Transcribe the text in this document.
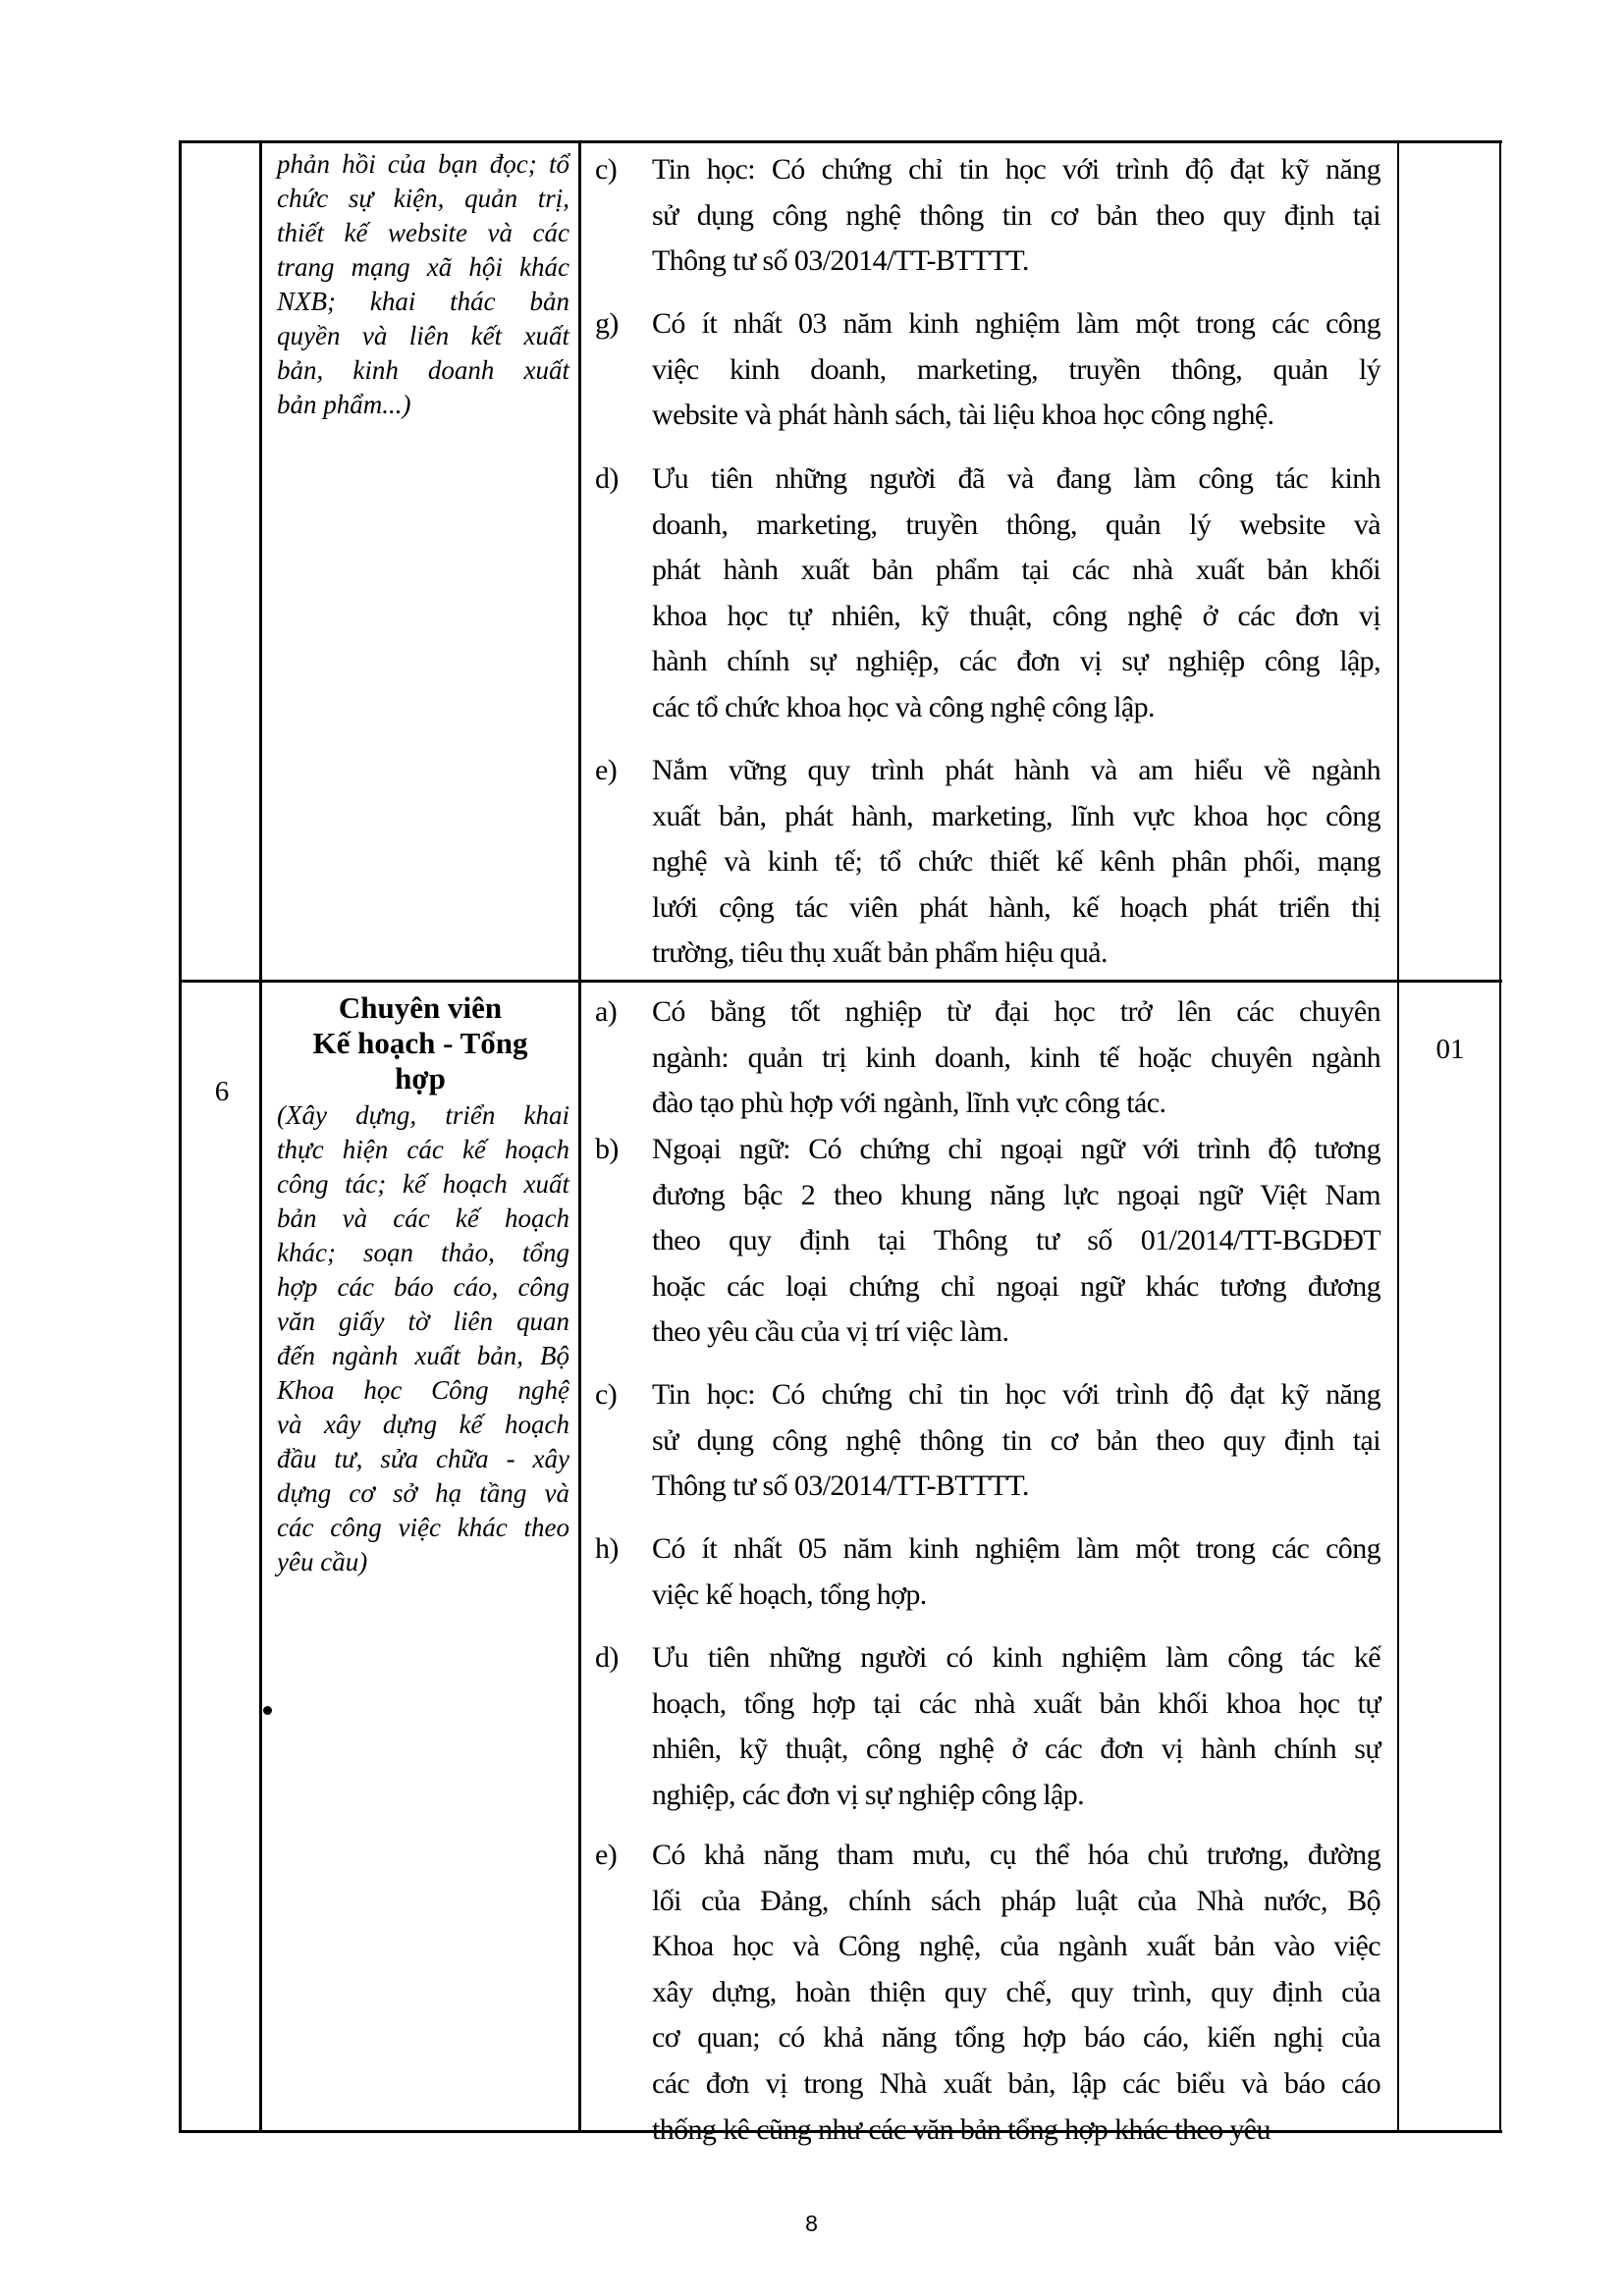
phản hồi của bạn đọc; tổ
chức sự kiện, quản trị,
thiết kế website và các
trang mạng xã hội khác
NXB; khai thác bản
quyền và liên kết xuất
bản, kinh doanh xuất
bản phẩm...)
c) Tin học: Có chứng chỉ tin học với trình độ đạt kỹ năng
sử dụng công nghệ thông tin cơ bản theo quy định tại
Thông tư số 03/2014/TT-BTTTT.
g) Có ít nhất 03 năm kinh nghiệm làm một trong các công
việc kinh doanh, marketing, truyền thông, quản lý
website và phát hành sách, tài liệu khoa học công nghệ.
d) Ưu tiên những người đã và đang làm công tác kinh
doanh, marketing, truyền thông, quản lý website và
phát hành xuất bản phẩm tại các nhà xuất bản khối
khoa học tự nhiên, kỹ thuật, công nghệ ở các đơn vị
hành chính sự nghiệp, các đơn vị sự nghiệp công lập,
các tổ chức khoa học và công nghệ công lập.
e) Nắm vững quy trình phát hành và am hiểu về ngành
xuất bản, phát hành, marketing, lĩnh vực khoa học công
nghệ và kinh tế; tổ chức thiết kế kênh phân phối, mạng
lưới cộng tác viên phát hành, kế hoạch phát triển thị
trường, tiêu thụ xuất bản phẩm hiệu quả.
6
Chuyên viên
Kế hoạch - Tổng
hợp
(Xây dựng, triển khai
thực hiện các kế hoạch
công tác; kế hoạch xuất
bản và các kế hoạch
khác; soạn thảo, tổng
hợp các báo cáo, công
văn giấy tờ liên quan
đến ngành xuất bản, Bộ
Khoa học Công nghệ
và xây dựng kế hoạch
đầu tư, sửa chữa - xây
dựng cơ sở hạ tầng và
các công việc khác theo
yêu cầu)
a) Có bằng tốt nghiệp từ đại học trở lên các chuyên
ngành: quản trị kinh doanh, kinh tế hoặc chuyên ngành
đào tạo phù hợp với ngành, lĩnh vực công tác.
b) Ngoại ngữ: Có chứng chỉ ngoại ngữ với trình độ tương
đương bậc 2 theo khung năng lực ngoại ngữ Việt Nam
theo quy định tại Thông tư số 01/2014/TT-BGDĐT
hoặc các loại chứng chỉ ngoại ngữ khác tương đương
theo yêu cầu của vị trí việc làm.
c) Tin học: Có chứng chỉ tin học với trình độ đạt kỹ năng
sử dụng công nghệ thông tin cơ bản theo quy định tại
Thông tư số 03/2014/TT-BTTTT.
h) Có ít nhất 05 năm kinh nghiệm làm một trong các công
việc kế hoạch, tổng hợp.
d) Ưu tiên những người có kinh nghiệm làm công tác kế
hoạch, tổng hợp tại các nhà xuất bản khối khoa học tự
nhiên, kỹ thuật, công nghệ ở các đơn vị hành chính sự
nghiệp, các đơn vị sự nghiệp công lập.
e) Có khả năng tham mưu, cụ thể hóa chủ trương, đường
lối của Đảng, chính sách pháp luật của Nhà nước, Bộ
Khoa học và Công nghệ, của ngành xuất bản vào việc
xây dựng, hoàn thiện quy chế, quy trình, quy định của
cơ quan; có khả năng tổng hợp báo cáo, kiến nghị của
các đơn vị trong Nhà xuất bản, lập các biểu và báo cáo
thống kê cũng như các văn bản tổng hợp khác theo yêu
01
8
